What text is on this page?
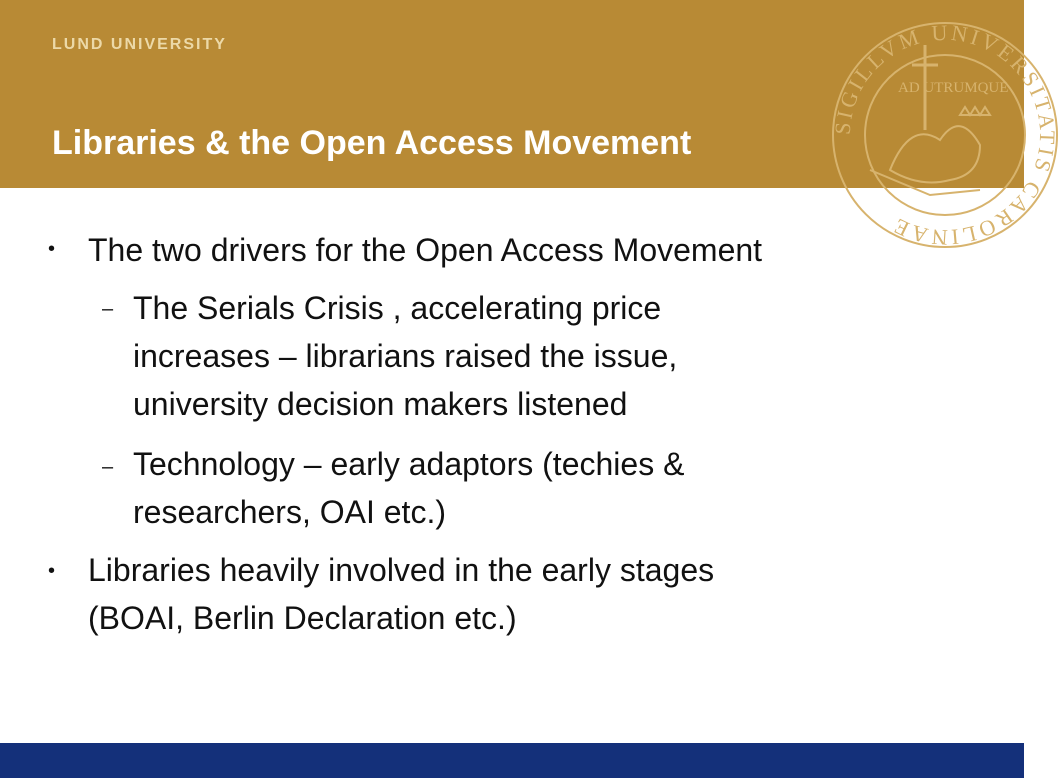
LUND UNIVERSITY
Libraries & the Open Access Movement	SIGILLVM UNIVERSITATIS CAROLINAE
AD UTRUMQUE
• The two drivers for the Open Access Movement
– The Serials Crisis , accelerating price
increases – librarians raised the issue,
university decision makers listened
– Technology – early adaptors (techies &
researchers, OAI etc.)
• Libraries heavily involved in the early stages
(BOAI, Berlin Declaration etc.)
